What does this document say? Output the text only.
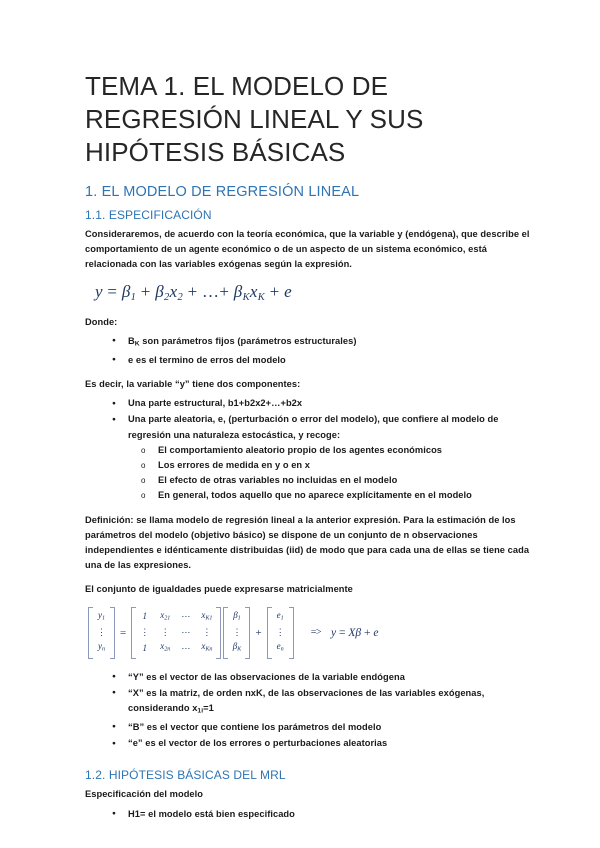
TEMA 1. EL MODELO DE REGRESIÓN LINEAL Y SUS HIPÓTESIS BÁSICAS
1. EL MODELO DE REGRESIÓN LINEAL
1.1. ESPECIFICACIÓN

Consideraremos, de acuerdo con la teoría económica, que la variable y (endógena), que describe el comportamiento de un agente económico o de un aspecto de un sistema económico, está relacionada con las variables exógenas según la expresión.

$y = \beta_1 + \beta_2x_2$ + …+ $\beta_Kx_K + e$

Donde:

● $B_K$ son parámetros fijos (parámetros estructurales)
● e es el termino de erros del modelo

Es decir, la variable “y” tiene dos componentes:

● Una parte estructural, b1+b2x2+…+b2x
● Una parte aleatoria, e, (perturbación o error del modelo), que confiere al modelo de regresión una naturaleza estocástica, y recoge:
o El comportamiento aleatorio propio de los agentes económicos
o Los errores de medida en y o en x
o El efecto de otras variables no incluidas en el modelo
o En general, todos aquello que no aparece explícitamente en el modelo

Definición: se llama modelo de regresión lineal a la anterior expresión. Para la estimación de los parámetros del modelo (objetivo básico) se dispone de un conjunto de n observaciones independientes e idénticamente distribuidas (iid) de modo que para cada una de ellas se tiene cada una de las expresiones.

El conjunto de igualdades puede expresarse matricialmente

$y_1$
⋮
$y_n$
=
1 $x_{21}$ ⋯ $x_{K1}$
⋮ ⋮ ⋯ ⋮
1 $x_{2n}$ ⋯ $x_{Kn}$
$\beta_1$
⋮
$\beta_K$
+
$e_1$
⋮
$e_n$
=> y = Xβ + e
● “Y” es el vector de las observaciones de la variable endógena
● “X” es la matriz, de orden nxK, de las observaciones de las variables exógenas, considerando $x_{1i}=1$
● “B” es el vector que contiene los parámetros del modelo
● “e” es el vector de los errores o perturbaciones aleatorias
1.2. HIPÓTESIS BÁSICAS DEL MRL

Especificación del modelo

● H1= el modelo está bien especificado
